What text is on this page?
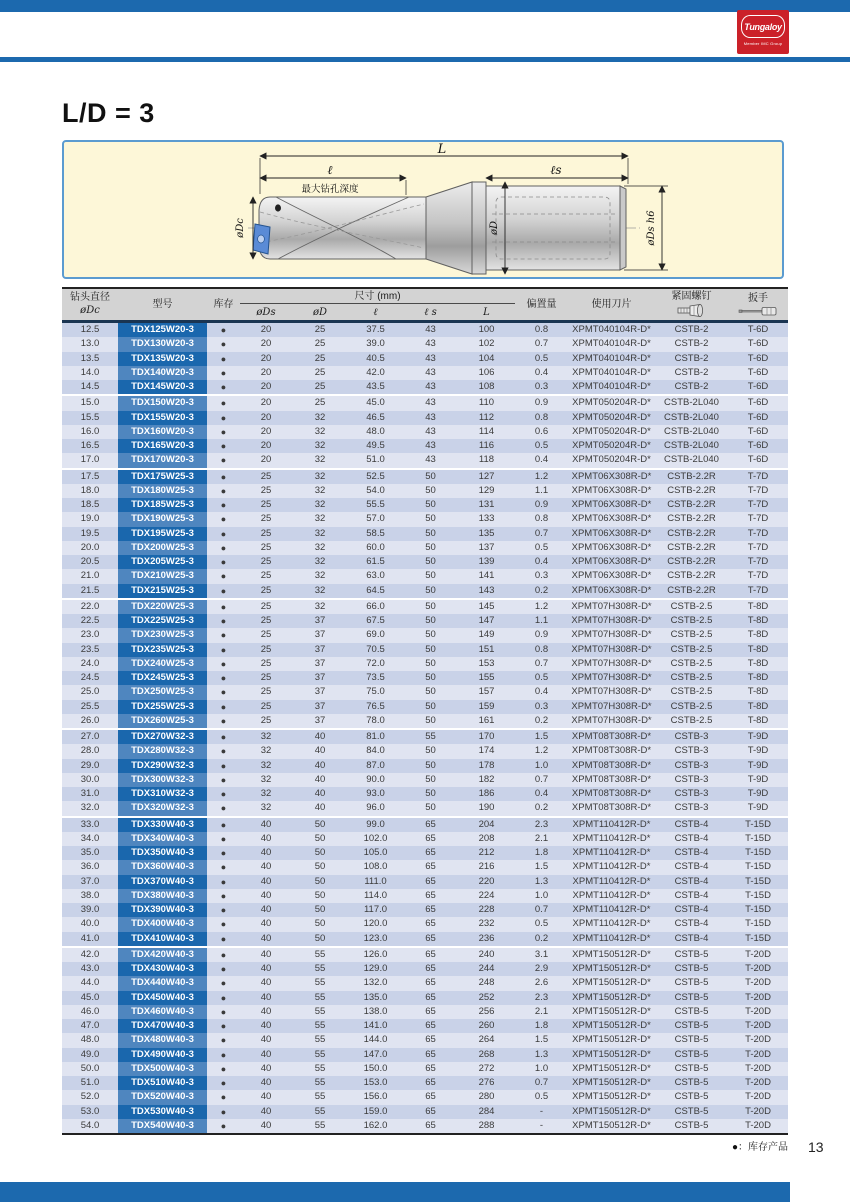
Tungaloy
Member IMC Group
L/D = 3
L
ℓ
最大钻孔深度
ℓs
øDc	øD	øDs h6
钻头直径
øDc
型号	库存
尺寸 (mm)
øDs	øD	ℓ	ℓ s	L
偏置量	使用刀片
紧固螺钉	扳手
12.5	TDX125W20-3	●	20	25	37.5	43	100	0.8	XPMT040104R-D*	CSTB-2	T-6D
13.0	TDX130W20-3	●	20	25	39.0	43	102	0.7	XPMT040104R-D*	CSTB-2	T-6D
13.5	TDX135W20-3	●	20	25	40.5	43	104	0.5	XPMT040104R-D*	CSTB-2	T-6D
14.0	TDX140W20-3	●	20	25	42.0	43	106	0.4	XPMT040104R-D*	CSTB-2	T-6D
14.5	TDX145W20-3	●	20	25	43.5	43	108	0.3	XPMT040104R-D*	CSTB-2	T-6D
15.0	TDX150W20-3	●	20	25	45.0	43	110	0.9	XPMT050204R-D*	CSTB-2L040	T-6D
15.5	TDX155W20-3	●	20	32	46.5	43	112	0.8	XPMT050204R-D*	CSTB-2L040	T-6D
16.0	TDX160W20-3	●	20	32	48.0	43	114	0.6	XPMT050204R-D*	CSTB-2L040	T-6D
16.5	TDX165W20-3	●	20	32	49.5	43	116	0.5	XPMT050204R-D*	CSTB-2L040	T-6D
17.0	TDX170W20-3	●	20	32	51.0	43	118	0.4	XPMT050204R-D*	CSTB-2L040	T-6D
17.5	TDX175W25-3	●	25	32	52.5	50	127	1.2	XPMT06X308R-D*	CSTB-2.2R	T-7D
18.0	TDX180W25-3	●	25	32	54.0	50	129	1.1	XPMT06X308R-D*	CSTB-2.2R	T-7D
18.5	TDX185W25-3	●	25	32	55.5	50	131	0.9	XPMT06X308R-D*	CSTB-2.2R	T-7D
19.0	TDX190W25-3	●	25	32	57.0	50	133	0.8	XPMT06X308R-D*	CSTB-2.2R	T-7D
19.5	TDX195W25-3	●	25	32	58.5	50	135	0.7	XPMT06X308R-D*	CSTB-2.2R	T-7D
20.0	TDX200W25-3	●	25	32	60.0	50	137	0.5	XPMT06X308R-D*	CSTB-2.2R	T-7D
20.5	TDX205W25-3	●	25	32	61.5	50	139	0.4	XPMT06X308R-D*	CSTB-2.2R	T-7D
21.0	TDX210W25-3	●	25	32	63.0	50	141	0.3	XPMT06X308R-D*	CSTB-2.2R	T-7D
21.5	TDX215W25-3	●	25	32	64.5	50	143	0.2	XPMT06X308R-D*	CSTB-2.2R	T-7D
22.0	TDX220W25-3	●	25	32	66.0	50	145	1.2	XPMT07H308R-D*	CSTB-2.5	T-8D
22.5	TDX225W25-3	●	25	37	67.5	50	147	1.1	XPMT07H308R-D*	CSTB-2.5	T-8D
23.0	TDX230W25-3	●	25	37	69.0	50	149	0.9	XPMT07H308R-D*	CSTB-2.5	T-8D
23.5	TDX235W25-3	●	25	37	70.5	50	151	0.8	XPMT07H308R-D*	CSTB-2.5	T-8D
24.0	TDX240W25-3	●	25	37	72.0	50	153	0.7	XPMT07H308R-D*	CSTB-2.5	T-8D
24.5	TDX245W25-3	●	25	37	73.5	50	155	0.5	XPMT07H308R-D*	CSTB-2.5	T-8D
25.0	TDX250W25-3	●	25	37	75.0	50	157	0.4	XPMT07H308R-D*	CSTB-2.5	T-8D
25.5	TDX255W25-3	●	25	37	76.5	50	159	0.3	XPMT07H308R-D*	CSTB-2.5	T-8D
26.0	TDX260W25-3	●	25	37	78.0	50	161	0.2	XPMT07H308R-D*	CSTB-2.5	T-8D
27.0	TDX270W32-3	●	32	40	81.0	55	170	1.5	XPMT08T308R-D*	CSTB-3	T-9D
28.0	TDX280W32-3	●	32	40	84.0	50	174	1.2	XPMT08T308R-D*	CSTB-3	T-9D
29.0	TDX290W32-3	●	32	40	87.0	50	178	1.0	XPMT08T308R-D*	CSTB-3	T-9D
30.0	TDX300W32-3	●	32	40	90.0	50	182	0.7	XPMT08T308R-D*	CSTB-3	T-9D
31.0	TDX310W32-3	●	32	40	93.0	50	186	0.4	XPMT08T308R-D*	CSTB-3	T-9D
32.0	TDX320W32-3	●	32	40	96.0	50	190	0.2	XPMT08T308R-D*	CSTB-3	T-9D
33.0	TDX330W40-3	●	40	50	99.0	65	204	2.3	XPMT110412R-D*	CSTB-4	T-15D
34.0	TDX340W40-3	●	40	50	102.0	65	208	2.1	XPMT110412R-D*	CSTB-4	T-15D
35.0	TDX350W40-3	●	40	50	105.0	65	212	1.8	XPMT110412R-D*	CSTB-4	T-15D
36.0	TDX360W40-3	●	40	50	108.0	65	216	1.5	XPMT110412R-D*	CSTB-4	T-15D
37.0	TDX370W40-3	●	40	50	111.0	65	220	1.3	XPMT110412R-D*	CSTB-4	T-15D
38.0	TDX380W40-3	●	40	50	114.0	65	224	1.0	XPMT110412R-D*	CSTB-4	T-15D
39.0	TDX390W40-3	●	40	50	117.0	65	228	0.7	XPMT110412R-D*	CSTB-4	T-15D
40.0	TDX400W40-3	●	40	50	120.0	65	232	0.5	XPMT110412R-D*	CSTB-4	T-15D
41.0	TDX410W40-3	●	40	50	123.0	65	236	0.2	XPMT110412R-D*	CSTB-4	T-15D
42.0	TDX420W40-3	●	40	55	126.0	65	240	3.1	XPMT150512R-D*	CSTB-5	T-20D
43.0	TDX430W40-3	●	40	55	129.0	65	244	2.9	XPMT150512R-D*	CSTB-5	T-20D
44.0	TDX440W40-3	●	40	55	132.0	65	248	2.6	XPMT150512R-D*	CSTB-5	T-20D
45.0	TDX450W40-3	●	40	55	135.0	65	252	2.3	XPMT150512R-D*	CSTB-5	T-20D
46.0	TDX460W40-3	●	40	55	138.0	65	256	2.1	XPMT150512R-D*	CSTB-5	T-20D
47.0	TDX470W40-3	●	40	55	141.0	65	260	1.8	XPMT150512R-D*	CSTB-5	T-20D
48.0	TDX480W40-3	●	40	55	144.0	65	264	1.5	XPMT150512R-D*	CSTB-5	T-20D
49.0	TDX490W40-3	●	40	55	147.0	65	268	1.3	XPMT150512R-D*	CSTB-5	T-20D
50.0	TDX500W40-3	●	40	55	150.0	65	272	1.0	XPMT150512R-D*	CSTB-5	T-20D
51.0	TDX510W40-3	●	40	55	153.0	65	276	0.7	XPMT150512R-D*	CSTB-5	T-20D
52.0	TDX520W40-3	●	40	55	156.0	65	280	0.5	XPMT150512R-D*	CSTB-5	T-20D
53.0	TDX530W40-3	●	40	55	159.0	65	284	-	XPMT150512R-D*	CSTB-5	T-20D
54.0	TDX540W40-3	●	40	55	162.0	65	288	-	XPMT150512R-D*	CSTB-5	T-20D
●：库存产品 13
